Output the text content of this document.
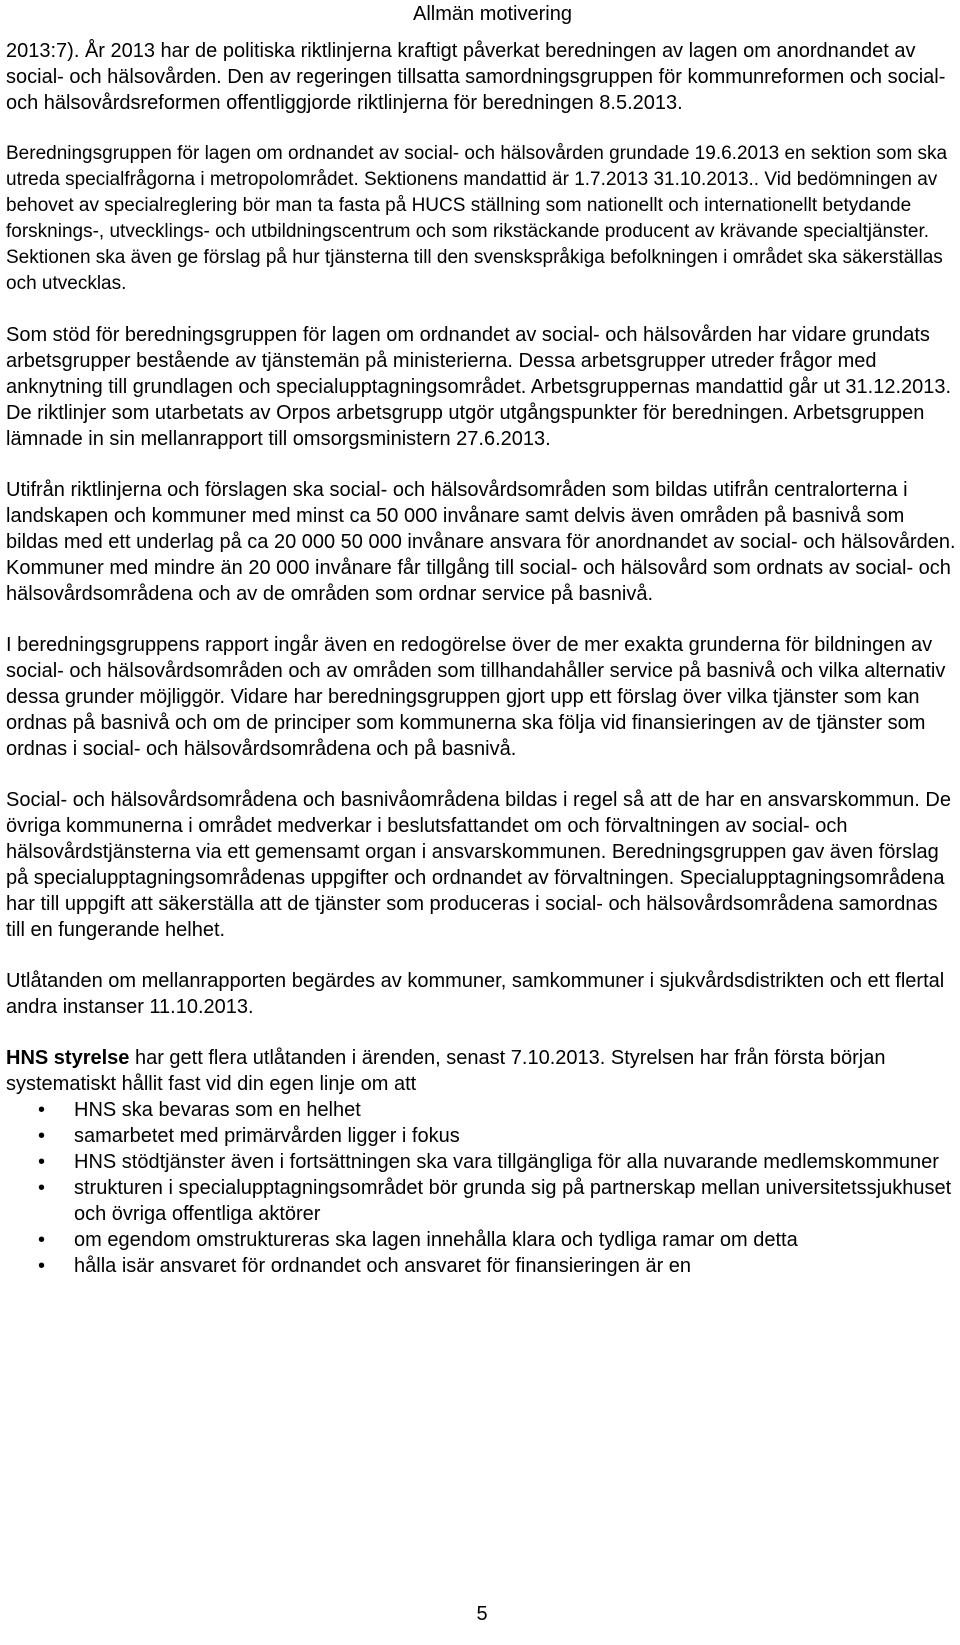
Allmän motivering

2013:7). År 2013 har de politiska riktlinjerna kraftigt påverkat beredningen av lagen om anordnandet av social- och hälsovården. Den av regeringen tillsatta samordningsgruppen för kommunreformen och social- och hälsovårdsreformen offentliggjorde riktlinjerna för beredningen 8.5.2013.

Beredningsgruppen för lagen om ordnandet av social- och hälsovården grundade 19.6.2013 en sektion som ska utreda specialfrågorna i metropolområdet. Sektionens mandattid är 1.7.2013 31.10.2013.. Vid bedömningen av behovet av specialreglering bör man ta fasta på HUCS ställning som nationellt och internationellt betydande forsknings-, utvecklings- och utbildningscentrum och som rikstäckande producent av krävande specialtjänster. Sektionen ska även ge förslag på hur tjänsterna till den svenskspråkiga befolkningen i området ska säkerställas och utvecklas.

Som stöd för beredningsgruppen för lagen om ordnandet av social- och hälsovården har vidare grundats arbetsgrupper bestående av tjänstemän på ministerierna. Dessa arbetsgrupper utreder frågor med anknytning till grundlagen och specialupptagningsområdet. Arbetsgruppernas mandattid går ut 31.12.2013. De riktlinjer som utarbetats av Orpos arbetsgrupp utgör utgångspunkter för beredningen. Arbetsgruppen lämnade in sin mellanrapport till omsorgsministern 27.6.2013.

Utifrån riktlinjerna och förslagen ska social- och hälsovårdsområden som bildas utifrån centralorterna i landskapen och kommuner med minst ca 50 000 invånare samt delvis även områden på basnivå som bildas med ett underlag på ca 20 000 50 000 invånare ansvara för anordnandet av social- och hälsovården. Kommuner med mindre än 20 000 invånare får tillgång till social- och hälsovård som ordnats av social- och hälsovårdsområdena och av de områden som ordnar service på basnivå.

I beredningsgruppens rapport ingår även en redogörelse över de mer exakta grunderna för bildningen av social- och hälsovårdsområden och av områden som tillhandahåller service på basnivå och vilka alternativ dessa grunder möjliggör. Vidare har beredningsgruppen gjort upp ett förslag över vilka tjänster som kan ordnas på basnivå och om de principer som kommunerna ska följa vid finansieringen av de tjänster som ordnas i social- och hälsovårdsområdena och på basnivå.

Social- och hälsovårdsområdena och basnivåområdena bildas i regel så att de har en ansvarskommun. De övriga kommunerna i området medverkar i beslutsfattandet om och förvaltningen av social- och hälsovårdstjänsterna via ett gemensamt organ i ansvarskommunen. Beredningsgruppen gav även förslag på specialupptagningsområdenas uppgifter och ordnandet av förvaltningen. Specialupptagningsområdena har till uppgift att säkerställa att de tjänster som produceras i social- och hälsovårdsområdena samordnas till en fungerande helhet.

Utlåtanden om mellanrapporten begärdes av kommuner, samkommuner i sjukvårdsdistrikten och ett flertal andra instanser 11.10.2013.

HNS styrelse har gett flera utlåtanden i ärenden, senast 7.10.2013. Styrelsen har från första början systematiskt hållit fast vid din egen linje om att

• HNS ska bevaras som en helhet
• samarbetet med primärvården ligger i fokus
• HNS stödtjänster även i fortsättningen ska vara tillgängliga för alla nuvarande medlemskommuner
• strukturen i specialupptagningsområdet bör grunda sig på partnerskap mellan universitetssjukhuset och övriga offentliga aktörer
• om egendom omstruktureras ska lagen innehålla klara och tydliga ramar om detta
• hålla isär ansvaret för ordnandet och ansvaret för finansieringen är en
5
